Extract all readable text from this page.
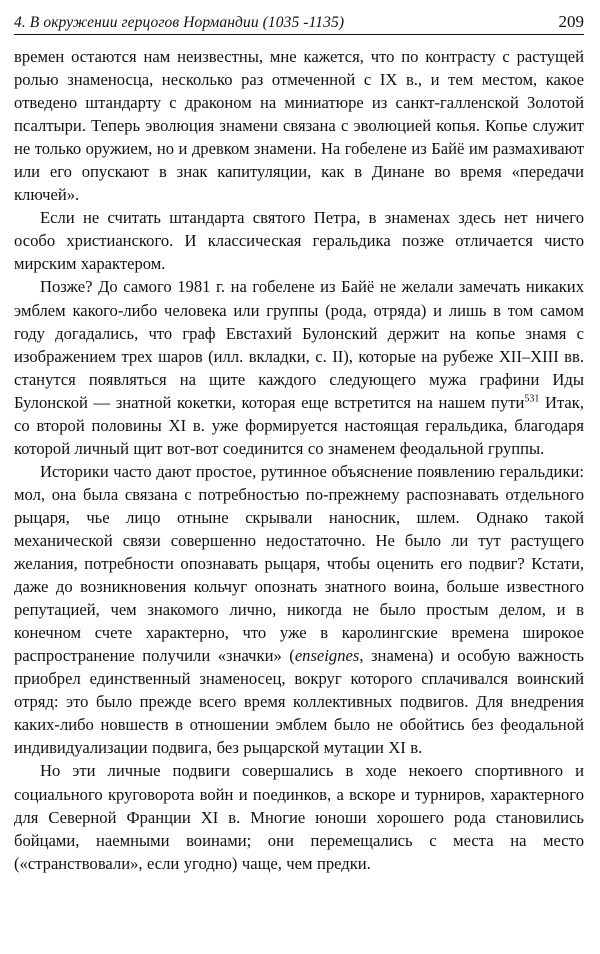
4. В окружении герцогов Нормандии (1035 -1135)	209

времен остаются нам неизвестны, мне кажется, что по контрасту с растущей ролью знаменосца, несколько раз отмеченной с IX в., и тем местом, какое отведено штандарту с драконом на миниатюре из санкт-галленской Золотой псалтыри. Теперь эволюция знамени связана с эволюцией копья. Копье служит не только оружием, но и древком знамени. На гобелене из Байё им размахивают или его опускают в знак капитуляции, как в Динане во время «передачи ключей».

Если не считать штандарта святого Петра, в знаменах здесь нет ничего особо христианского. И классическая геральдика позже отличается чисто мирским характером.

Позже? До самого 1981 г. на гобелене из Байё не желали замечать никаких эмблем какого-либо человека или группы (рода, отряда) и лишь в том самом году догадались, что граф Евстахий Булонский держит на копье знамя с изображением трех шаров (илл. вкладки, с. II), которые на рубеже XII–XIII вв. станутся появляться на щите каждого следующего мужа графини Иды Булонской — знатной кокетки, которая еще встретится на нашем пути$^{531}$ Итак, со второй половины XI в. уже формируется настоящая геральдика, благодаря которой личный щит вот-вот соединится со знаменем феодальной группы.

Историки часто дают простое, рутинное объяснение появлению геральдики: мол, она была связана с потребностью по-прежнему распознавать отдельного рыцаря, чье лицо отныне скрывали наносник, шлем. Однако такой механической связи совершенно недостаточно. Не было ли тут растущего желания, потребности опознавать рыцаря, чтобы оценить его подвиг? Кстати, даже до возникновения кольчуг опознать знатного воина, больше известного репутацией, чем знакомого лично, никогда не было простым делом, и в конечном счете характерно, что уже в каролингские времена широкое распространение получили «значки» (enseignes, знамена) и особую важность приобрел единственный знаменосец, вокруг которого сплачивался воинский отряд: это было прежде всего время коллективных подвигов. Для внедрения каких-либо новшеств в отношении эмблем было не обойтись без феодальной индивидуализации подвига, без рыцарской мутации XI в.

Но эти личные подвиги совершались в ходе некоего спортивного и социального круговорота войн и поединков, а вскоре и турниров, характерного для Северной Франции XI в. Многие юноши хорошего рода становились бойцами, наемными воинами; они перемещались с места на место («странствовали», если угодно) чаще, чем предки.
